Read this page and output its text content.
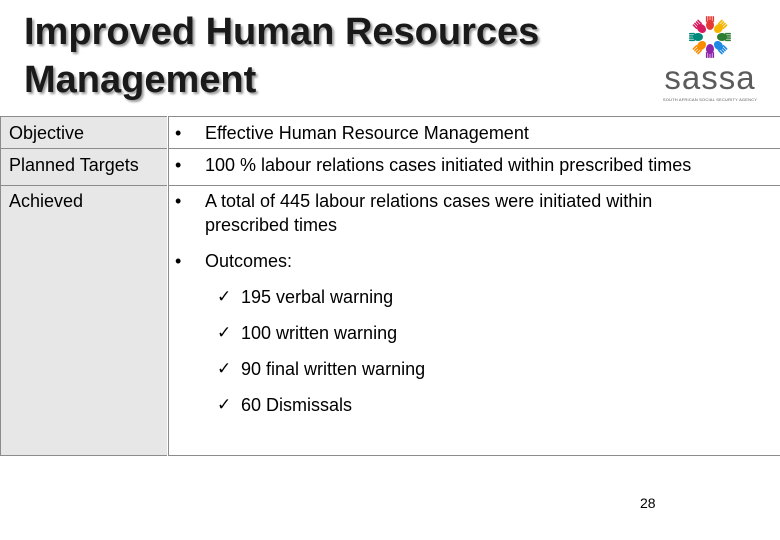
Improved Human Resources
Management	sassa
SOUTH AFRICAN SOCIAL SECURITY AGENCY
Objective	•	Effective Human Resource Management
Planned Targets •	100 % labour relations cases initiated within prescribed times
Achieved	•	A total of 445 labour relations cases were initiated within prescribed times
•	Outcomes:
✓ 195 verbal warning
✓ 100 written warning
✓ 90 final written warning
✓ 60 Dismissals
28
